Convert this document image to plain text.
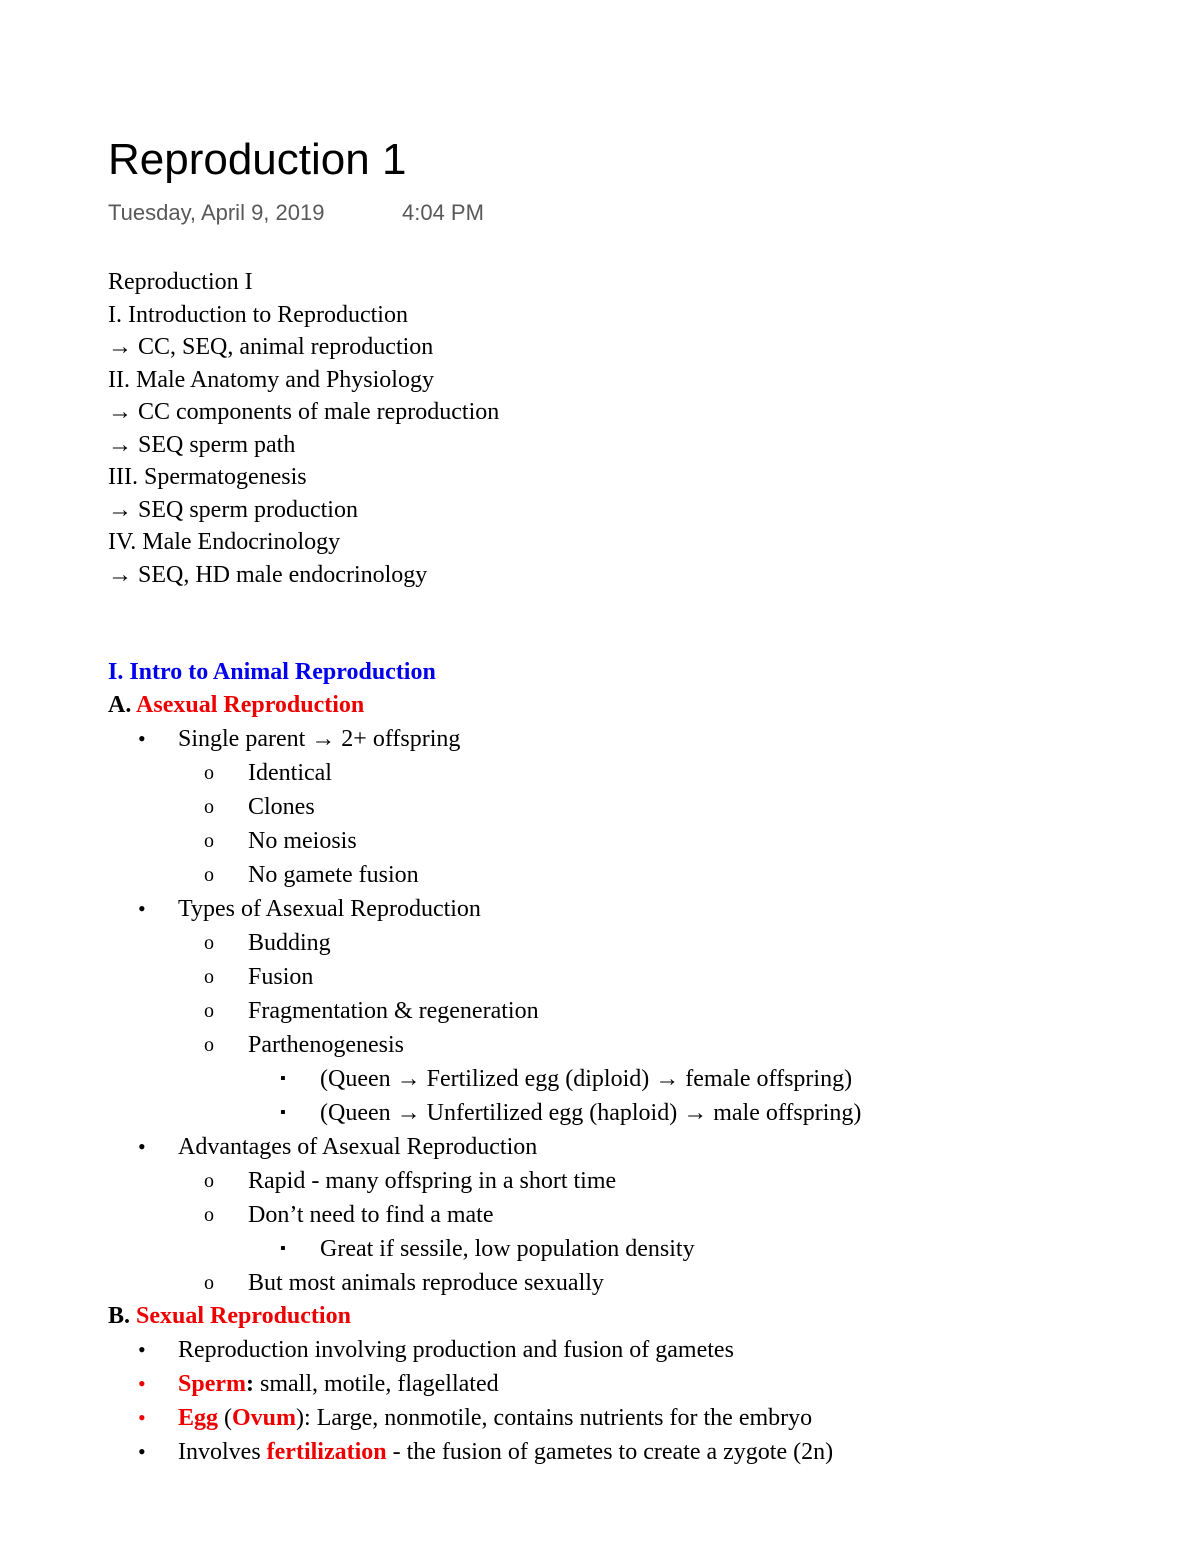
Reproduction 1
Tuesday, April 9, 2019	4:04 PM
Reproduction I
I. Introduction to Reproduction
→ CC, SEQ, animal reproduction
II. Male Anatomy and Physiology
→ CC components of male reproduction
→ SEQ sperm path
III. Spermatogenesis
→ SEQ sperm production
IV. Male Endocrinology
→ SEQ, HD male endocrinology
I. Intro to Animal Reproduction
A. Asexual Reproduction
• Single parent → 2+ offspring
o Identical
o Clones
o No meiosis
o No gamete fusion
• Types of Asexual Reproduction
o Budding
o Fusion
o Fragmentation & regeneration
o Parthenogenesis
▪ (Queen → Fertilized egg (diploid) → female offspring)
▪ (Queen → Unfertilized egg (haploid) → male offspring)
• Advantages of Asexual Reproduction
o Rapid - many offspring in a short time
o Don’t need to find a mate
▪ Great if sessile, low population density
o But most animals reproduce sexually
B. Sexual Reproduction
• Reproduction involving production and fusion of gametes
• Sperm: small, motile, flagellated
• Egg (Ovum): Large, nonmotile, contains nutrients for the embryo
• Involves fertilization - the fusion of gametes to create a zygote (2n)
